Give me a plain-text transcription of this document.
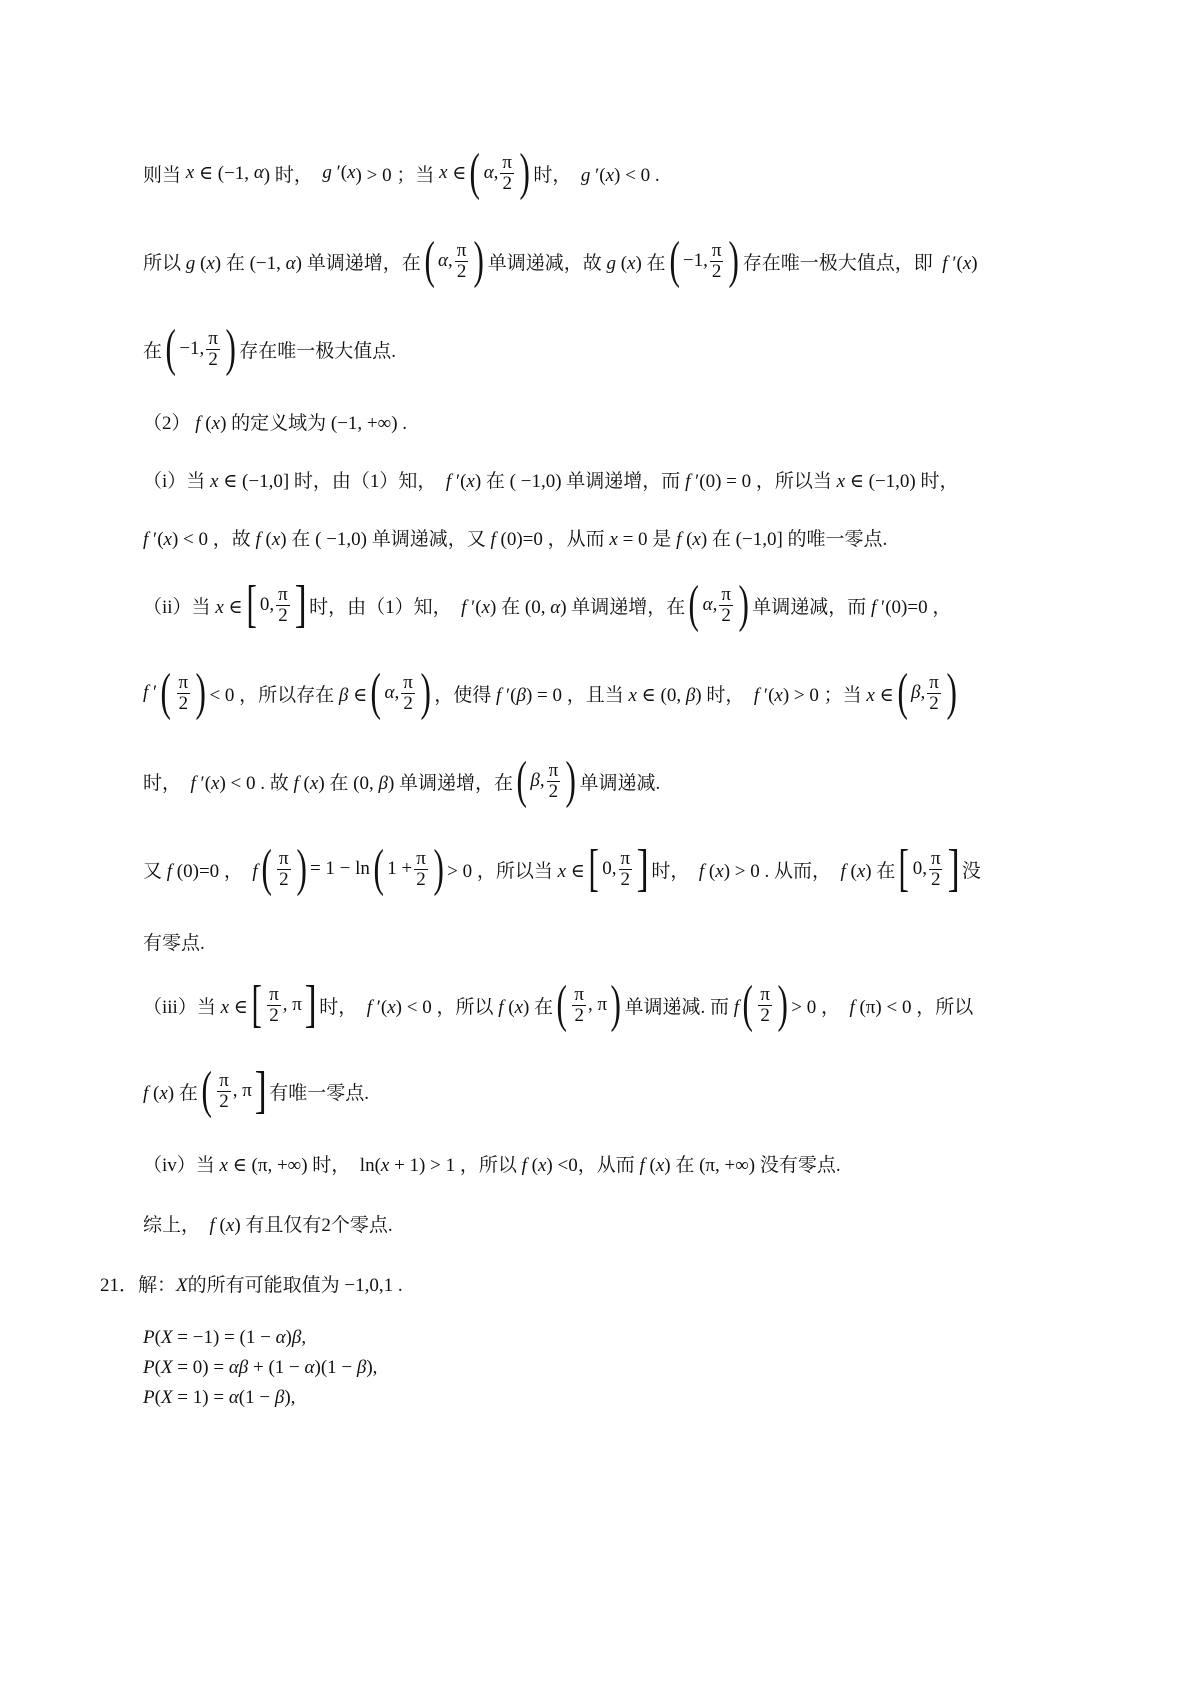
则当 x ∈ (−1, α ) 时， g ′( x ) > 0 ；当 x ∈ ( α , $\frac{\pi}{2}$ ) 时，  g ′(x) < 0 .
所以 g (x) 在 (−1, α) 单调递增，在 ( α , $\frac{\pi}{2}$ ) 单调递减，故 g (x) 在 ( −1, $\frac{\pi}{2}$ ) 存在唯一极大值点，即  f ′(x)
在 ( −1, $\frac{\pi}{2}$ ) 存在唯一极大值点.
（2） f (x) 的定义域为 (−1, +∞) .
（i）当 x ∈ (−1,0] 时，由（1）知，  f ′(x) 在 ( −1,0) 单调递增，而 f ′(0) = 0 ，所以当 x ∈ (−1,0) 时，
f ′(x) < 0 ，故 f (x) 在 ( −1,0) 单调递减，又 f (0)=0 ，从而 x = 0 是 f (x) 在 (−1,0] 的唯一零点.
（ii）当 x ∈ [ 0, $\frac{\pi}{2}$ ] 时，由（1）知，  f ′(x) 在 (0, α) 单调递增，在 ( α , $\frac{\pi}{2}$ ) 单调递减，而 f ′(0)=0 ，
f ′ ( $\frac{\pi}{2}$ ) < 0 ，所以存在 β ∈ ( α , $\frac{\pi}{2}$ ) ，使得 f ′(β) = 0 ，且当 x ∈ (0, β) 时，  f ′(x) > 0 ；当 x ∈ ( β , $\frac{\pi}{2}$ )
时，  f ′(x) < 0 . 故 f (x) 在 (0, β) 单调递增，在 ( β , $\frac{\pi}{2}$ ) 单调递减.
又 f (0)=0 ，  f ( $\frac{\pi}{2}$ ) = 1 − ln ( $1 + \frac{\pi}{2}$ ) > 0 ，所以当 x ∈ [ 0, $\frac{\pi}{2}$ ] 时，  f (x) > 0 . 从而，  f (x) 在 [ 0, $\frac{\pi}{2}$ ] 没
有零点.
（iii）当 x ∈ [ $\frac{\pi}{2}$ , π ] 时，  f ′(x) < 0 ，所以 f (x) 在 ( $\frac{\pi}{2}$ , π ) 单调递减. 而 f ( $\frac{\pi}{2}$ ) > 0 ，  f (π) < 0 ，所以
f (x) 在 ( $\frac{\pi}{2}$ , π ] 有唯一零点.
（iv）当 x ∈ (π, +∞) 时，  ln(x + 1) > 1 ，所以 f (x) <0，从而 f (x) 在 (π, +∞) 没有零点.
综上，  f (x) 有且仅有2个零点.
21．解：X的所有可能取值为 −1,0,1 .
P(X = −1) = (1 − α)β,
P(X = 0) = αβ + (1 − α)(1 − β),
P(X = 1) = α(1 − β),
